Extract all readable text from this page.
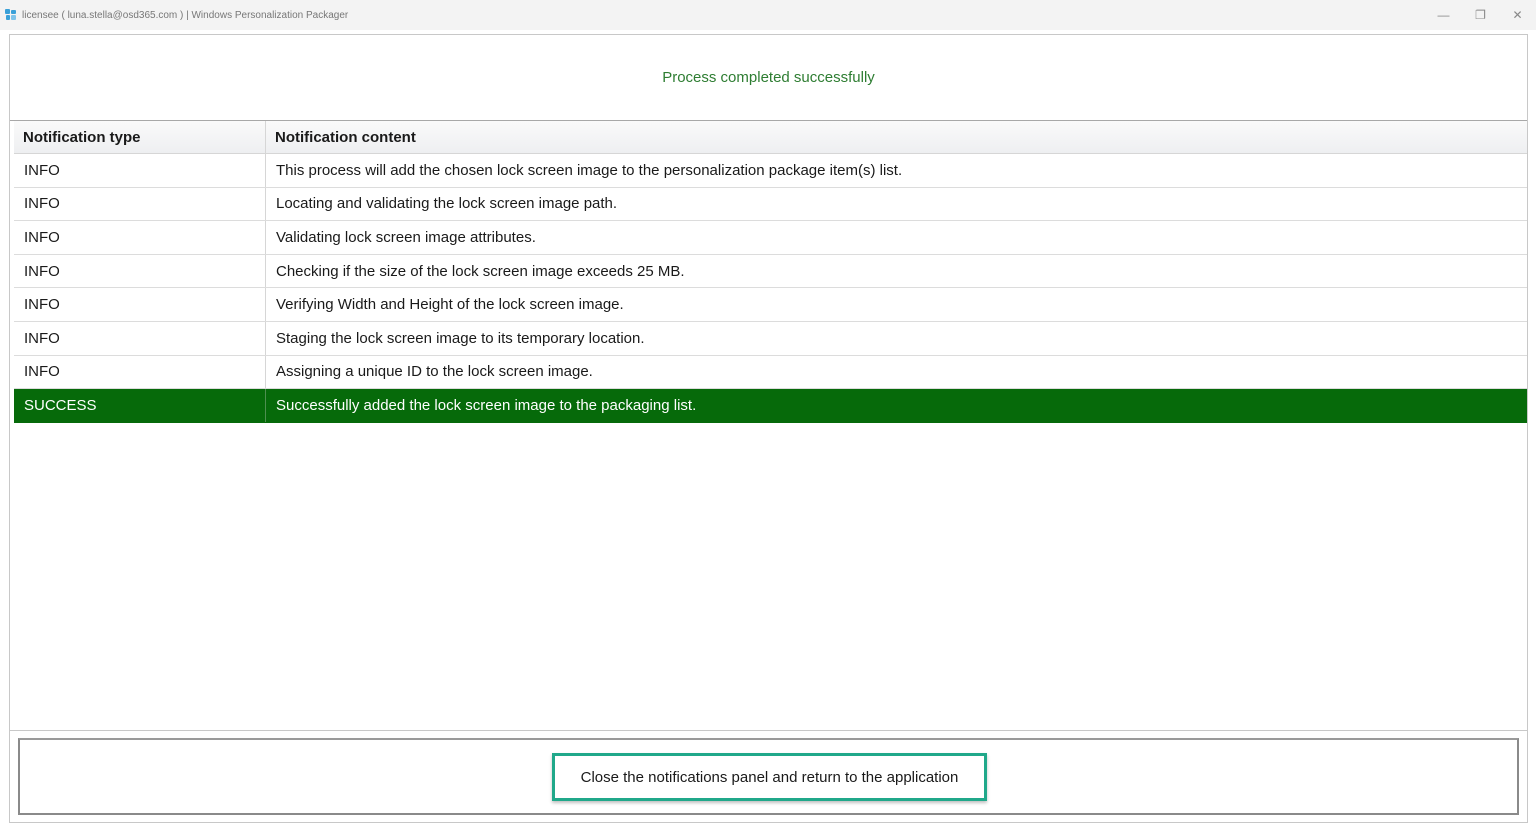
licensee ( luna.stella@osd365.com ) | Windows Personalization Packager	— ❐ ✕
Process completed successfully
Notification type	Notification content
INFO	This process will add the chosen lock screen image to the personalization package item(s) list.
INFO	Locating and validating the lock screen image path.
INFO	Validating lock screen image attributes.
INFO	Checking if the size of the lock screen image exceeds 25 MB.
INFO	Verifying Width and Height of the lock screen image.
INFO	Staging the lock screen image to its temporary location.
INFO	Assigning a unique ID to the lock screen image.
SUCCESS	Successfully added the lock screen image to the packaging list.
Close the notifications panel and return to the application
